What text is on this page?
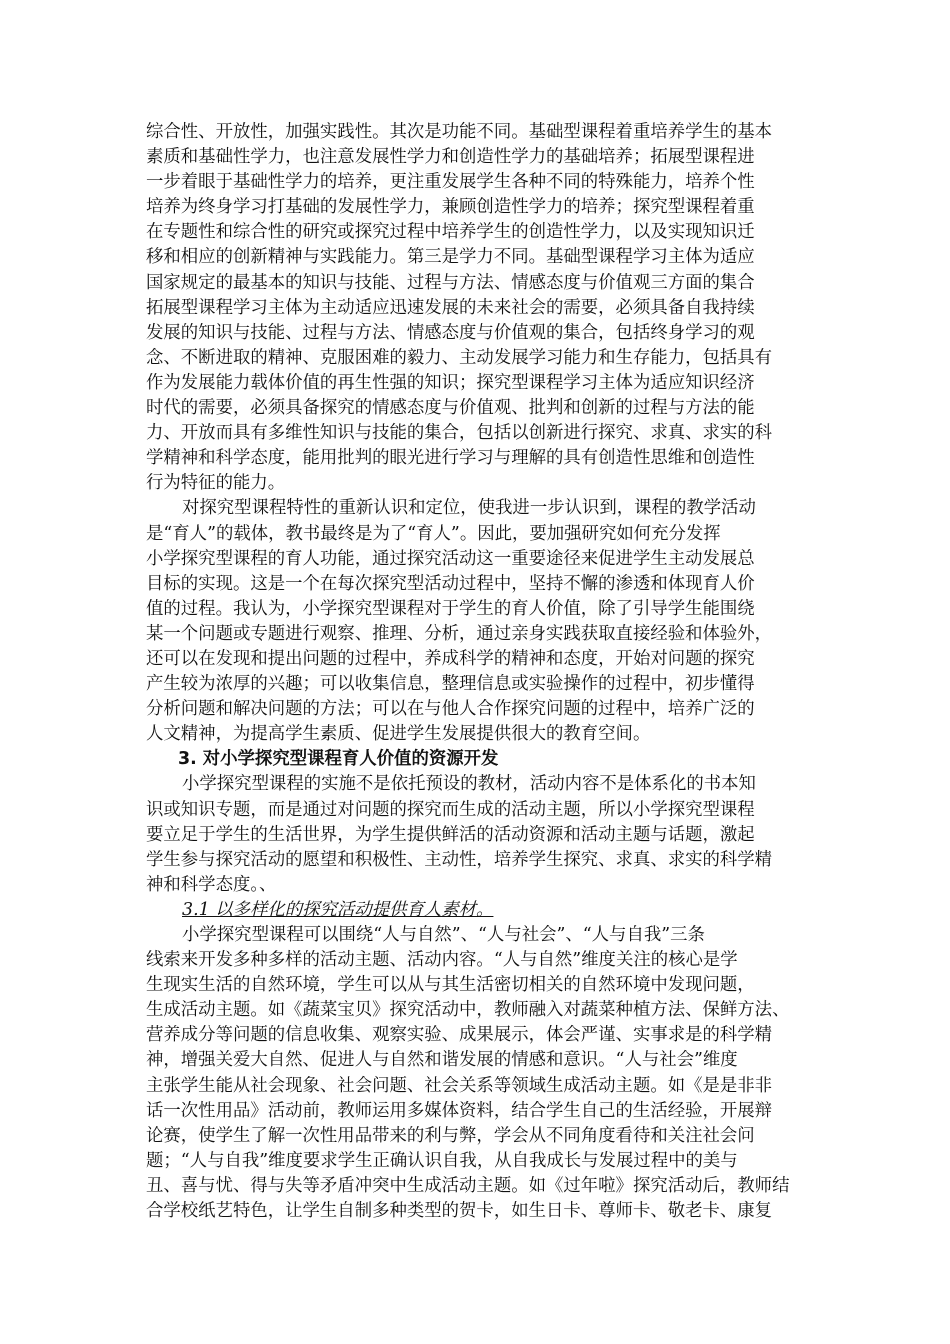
综合性、开放性，加强实践性。其次是功能不同。基础型课程着重培养学生的基本
素质和基础性学力，也注意发展性学力和创造性学力的基础培养；拓展型课程进
一步着眼于基础性学力的培养，更注重发展学生各种不同的特殊能力，培养个性
培养为终身学习打基础的发展性学力，兼顾创造性学力的培养；探究型课程着重
在专题性和综合性的研究或探究过程中培养学生的创造性学力，以及实现知识迁
移和相应的创新精神与实践能力。第三是学力不同。基础型课程学习主体为适应
国家规定的最基本的知识与技能、过程与方法、情感态度与价值观三方面的集合
拓展型课程学习主体为主动适应迅速发展的未来社会的需要，必须具备自我持续
发展的知识与技能、过程与方法、情感态度与价值观的集合，包括终身学习的观
念、不断进取的精神、克服困难的毅力、主动发展学习能力和生存能力，包括具有
作为发展能力载体价值的再生性强的知识；探究型课程学习主体为适应知识经济
时代的需要，必须具备探究的情感态度与价值观、批判和创新的过程与方法的能
力、开放而具有多维性知识与技能的集合，包括以创新进行探究、求真、求实的科
学精神和科学态度，能用批判的眼光进行学习与理解的具有创造性思维和创造性
行为特征的能力。
对探究型课程特性的重新认识和定位，使我进一步认识到，课程的教学活动
是“育人”的载体，教书最终是为了“育人”。因此，要加强研究如何充分发挥
小学探究型课程的育人功能，通过探究活动这一重要途径来促进学生主动发展总
目标的实现。这是一个在每次探究型活动过程中，坚持不懈的渗透和体现育人价
值的过程。我认为，小学探究型课程对于学生的育人价值，除了引导学生能围绕
某一个问题或专题进行观察、推理、分析，通过亲身实践获取直接经验和体验外，
还可以在发现和提出问题的过程中，养成科学的精神和态度，开始对问题的探究
产生较为浓厚的兴趣；可以收集信息，整理信息或实验操作的过程中，初步懂得
分析问题和解决问题的方法；可以在与他人合作探究问题的过程中，培养广泛的
人文精神，为提高学生素质、促进学生发展提供很大的教育空间。
3. 对小学探究型课程育人价值的资源开发
小学探究型课程的实施不是依托预设的教材，活动内容不是体系化的书本知
识或知识专题，而是通过对问题的探究而生成的活动主题，所以小学探究型课程
要立足于学生的生活世界，为学生提供鲜活的活动资源和活动主题与话题，激起
学生参与探究活动的愿望和积极性、主动性，培养学生探究、求真、求实的科学精
神和科学态度。、
3.1 以多样化的探究活动提供育人素材。
小学探究型课程可以围绕“人与自然”、“人与社会”、“人与自我”三条
线索来开发多种多样的活动主题、活动内容。“人与自然”维度关注的核心是学
生现实生活的自然环境，学生可以从与其生活密切相关的自然环境中发现问题，
生成活动主题。如《蔬菜宝贝》探究活动中，教师融入对蔬菜种植方法、保鲜方法、
营养成分等问题的信息收集、观察实验、成果展示，体会严谨、实事求是的科学精
神，增强关爱大自然、促进人与自然和谐发展的情感和意识。“人与社会”维度
主张学生能从社会现象、社会问题、社会关系等领域生成活动主题。如《是是非非
话一次性用品》活动前，教师运用多媒体资料，结合学生自己的生活经验，开展辩
论赛，使学生了解一次性用品带来的利与弊，学会从不同角度看待和关注社会问
题；“人与自我”维度要求学生正确认识自我，从自我成长与发展过程中的美与
丑、喜与忧、得与失等矛盾冲突中生成活动主题。如《过年啦》探究活动后，教师结
合学校纸艺特色，让学生自制多种类型的贺卡，如生日卡、尊师卡、敬老卡、康复
